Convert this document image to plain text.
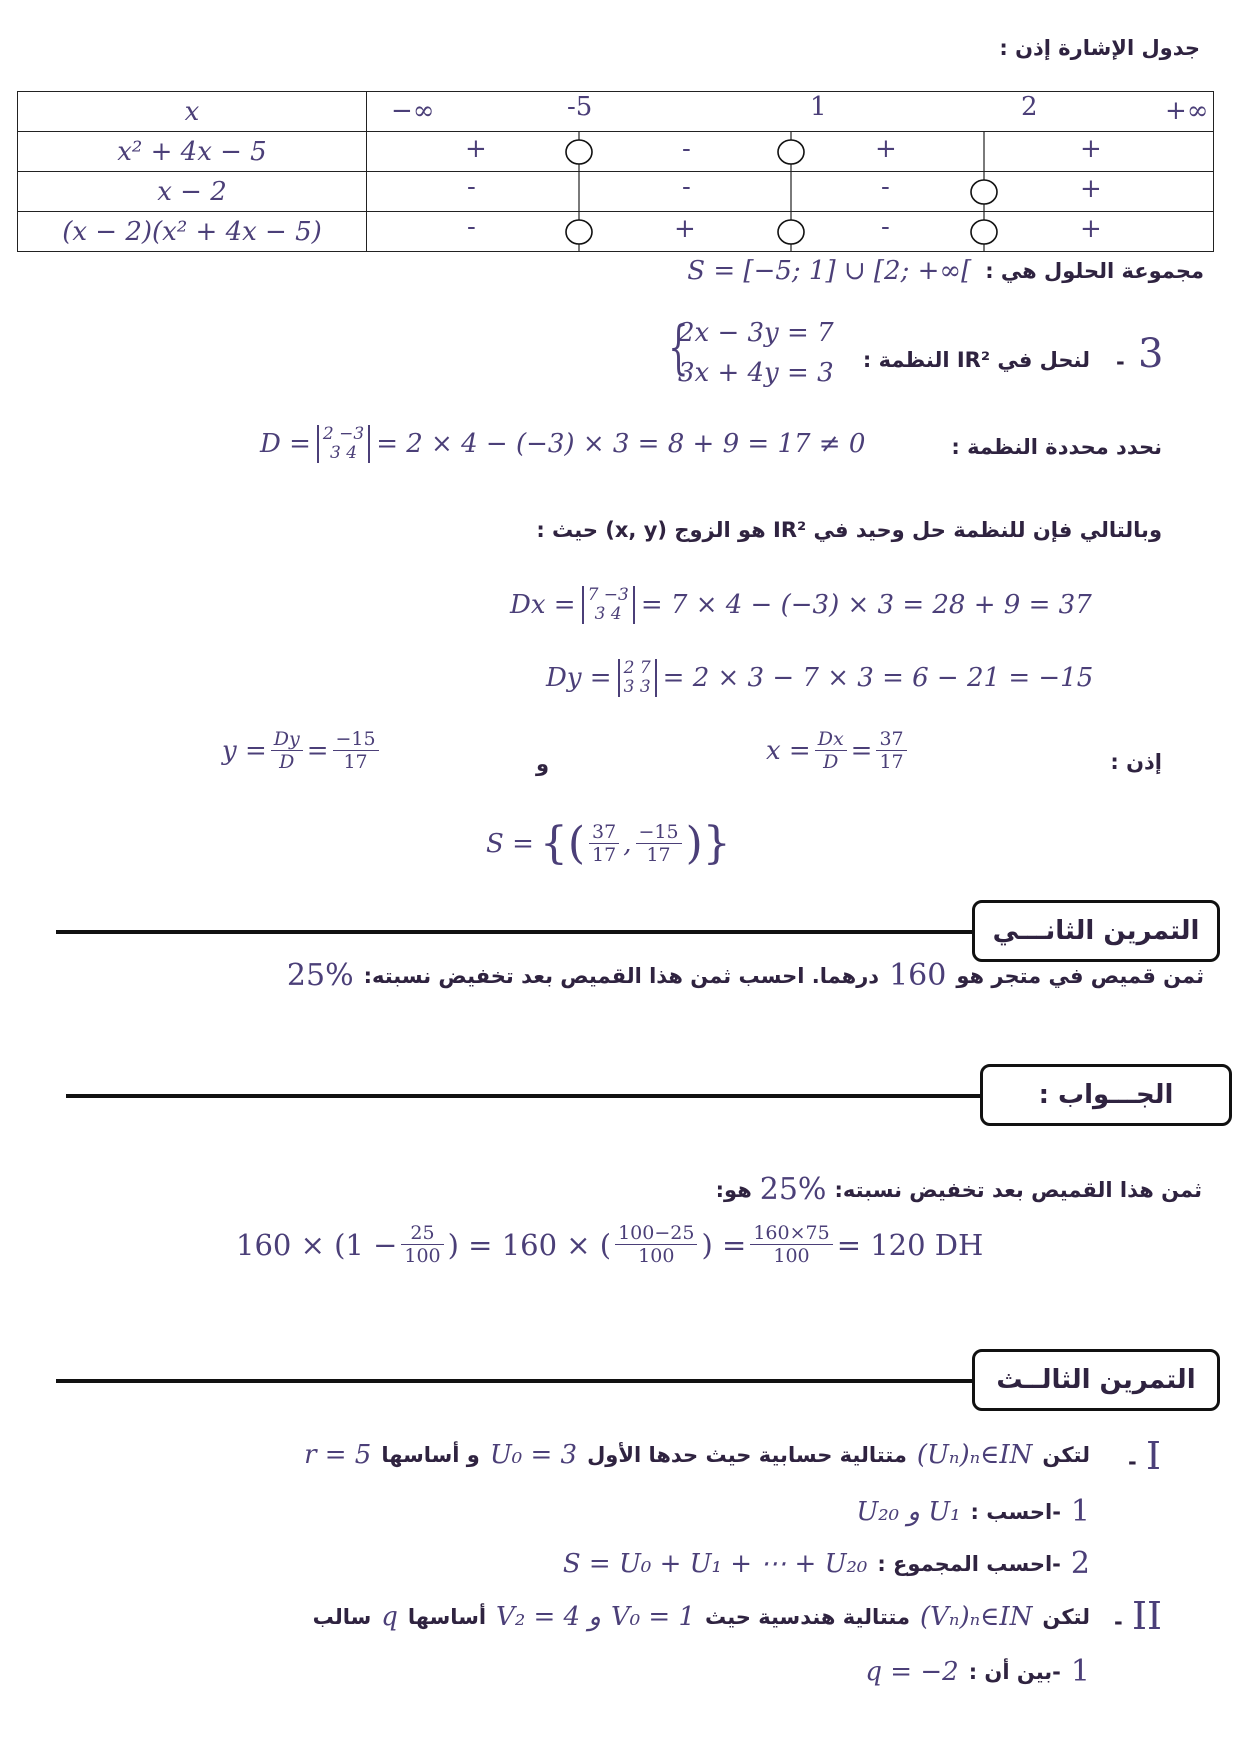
جدول الإشارة إذن :
x	−∞ -5 1 2 +∞

x² + 4x − 5	+ - + +

x − 2	- - - +

(x − 2)(x² + 4x − 5)	- + - +
مجموعة الحلول هي :
S = [−5; 1] ∪ [2; +∞[
3
-
لنحل في IR² النظمة :
{
2x − 3y = 7
3x + 4y = 3
نحدد محددة النظمة :
D = 2 −3
3 4 = 2 × 4 − (−3) × 3 = 8 + 9 = 17 ≠ 0
وبالتالي فإن للنظمة حل وحيد في IR² هو الزوج (x, y) حيث :
Dx = 7 −3
3 4 = 7 × 4 − (−3) × 3 = 28 + 9 = 37
Dy = 2 7
3 3 = 2 × 3 − 7 × 3 = 6 − 21 = −15
إذن :
$x = \frac{Dx}{D} = \frac{37}{17}$
و
$y = \frac{Dy}{D} = \frac{-15}{17}$
S = {( $\frac{37}{17}$ , $\frac{-15}{17}$ )}
التمرين الثانـــي
ثمن قميص في متجر هو
160
درهما. احسب ثمن هذا القميص بعد تخفيض نسبته:
25%
الجـــواب :
ثمن هذا القميص بعد تخفيض نسبته:
25%
هو:
$160 \times (1 - \frac{25}{100}$ ) = 160 × ( $\frac{100-25}{100}$ ) = $\frac{160\times 75}{100} = 120$ DH
التمرين الثالــث
I
-
لتكن
(Uₙ)ₙ∈IN
متتالية حسابية حيث حدها الأول
U₀ = 3
و أساسها
r = 5
1
-احسب :
U₁ و U₂₀
2
-احسب المجموع :
S = U₀ + U₁ + ⋯ + U₂₀
II
-
لتكن
(Vₙ)ₙ∈IN
متتالية هندسية حيث
V₀ = 1
و V₂ = 4
أساسها
q
سالب
1
-بين أن :
q = −2
